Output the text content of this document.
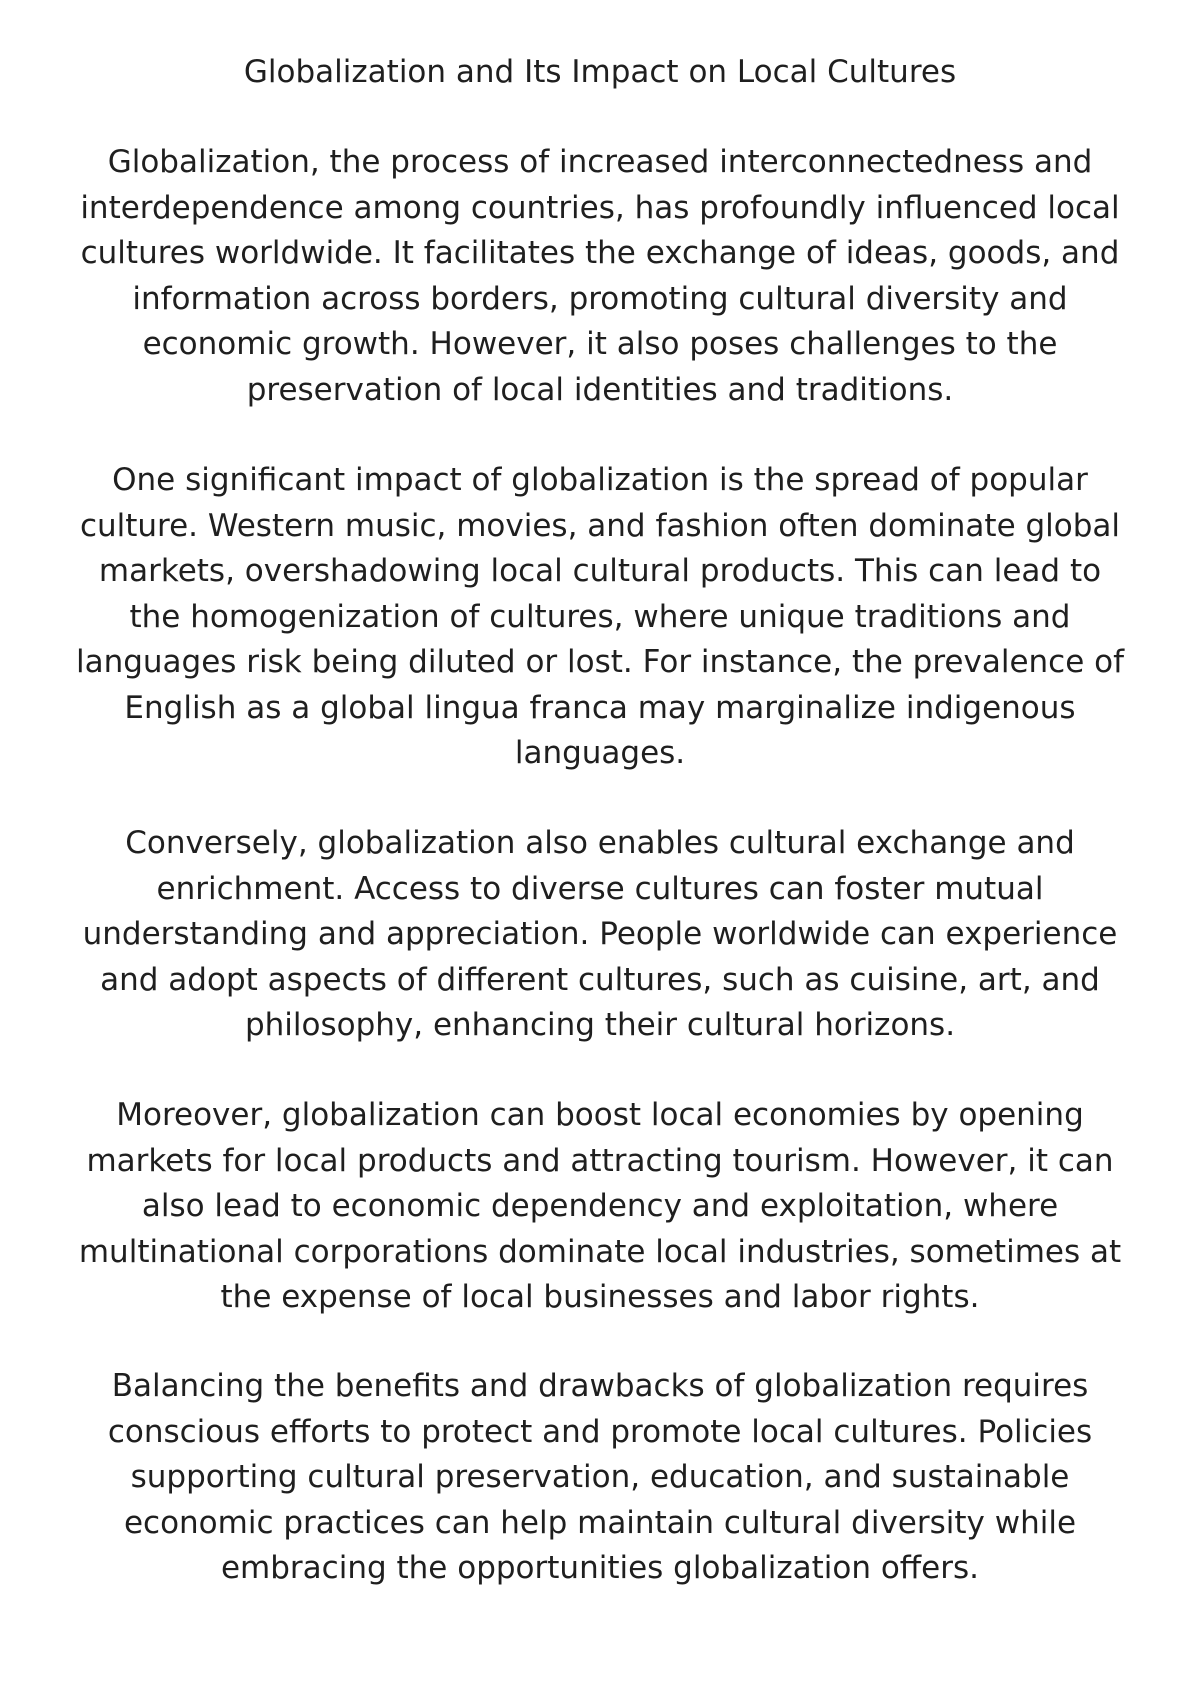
Globalization and Its Impact on Local Cultures

Globalization, the process of increased interconnectedness and interdependence among countries, has profoundly influenced local cultures worldwide. It facilitates the exchange of ideas, goods, and information across borders, promoting cultural diversity and economic growth. However, it also poses challenges to the preservation of local identities and traditions.

One significant impact of globalization is the spread of popular culture. Western music, movies, and fashion often dominate global markets, overshadowing local cultural products. This can lead to the homogenization of cultures, where unique traditions and languages risk being diluted or lost. For instance, the prevalence of English as a global lingua franca may marginalize indigenous languages.

Conversely, globalization also enables cultural exchange and enrichment. Access to diverse cultures can foster mutual understanding and appreciation. People worldwide can experience and adopt aspects of different cultures, such as cuisine, art, and philosophy, enhancing their cultural horizons.

Moreover, globalization can boost local economies by opening markets for local products and attracting tourism. However, it can also lead to economic dependency and exploitation, where multinational corporations dominate local industries, sometimes at the expense of local businesses and labor rights.

Balancing the benefits and drawbacks of globalization requires conscious efforts to protect and promote local cultures. Policies supporting cultural preservation, education, and sustainable economic practices can help maintain cultural diversity while embracing the opportunities globalization offers.
